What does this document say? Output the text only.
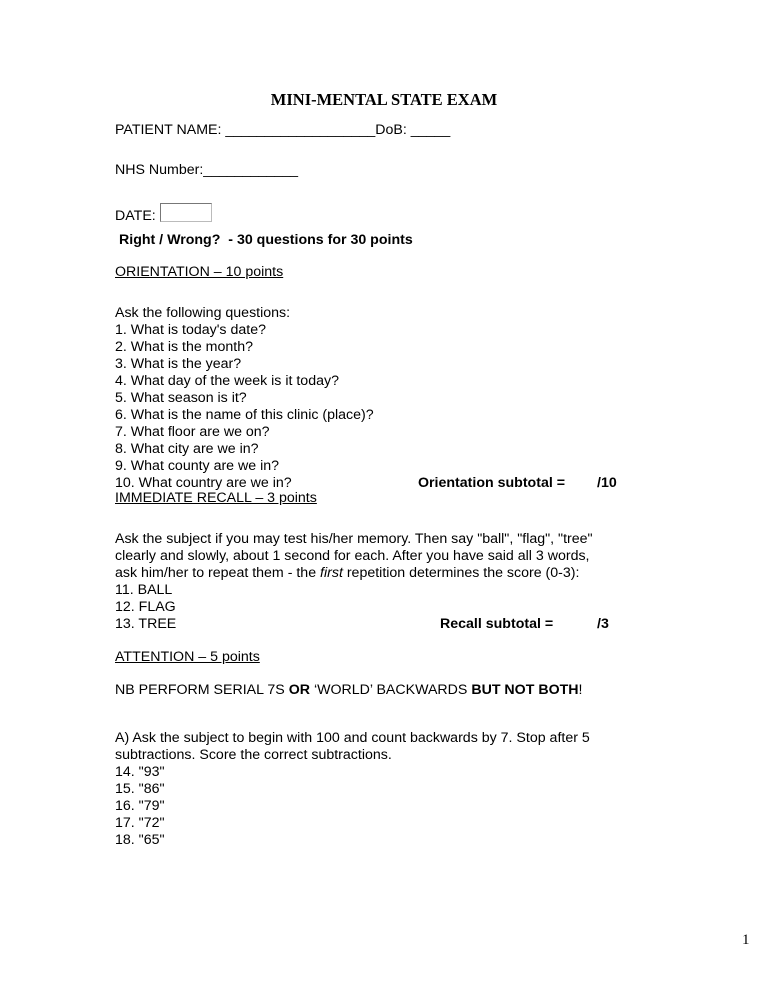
MINI-MENTAL STATE EXAM
PATIENT NAME: ___________________DoB: _____
NHS Number:____________
DATE:
Right / Wrong?  - 30 questions for 30 points
ORIENTATION – 10 points
Ask the following questions:
1. What is today's date?
2. What is the month?
3. What is the year?
4. What day of the week is it today?
5. What season is it?
6. What is the name of this clinic (place)?
7. What floor are we on?
8. What city are we in?
9. What county are we in?
10. What country are we in?	Orientation subtotal = /10
IMMEDIATE RECALL – 3 points
Ask the subject if you may test his/her memory. Then say "ball", "flag", "tree"
clearly and slowly, about 1 second for each. After you have said all 3 words,
ask him/her to repeat them - the first repetition determines the score (0-3):
11. BALL
12. FLAG
13. TREE	Recall subtotal =	/3
ATTENTION – 5 points
NB PERFORM SERIAL 7S OR ‘WORLD’ BACKWARDS BUT NOT BOTH!
A) Ask the subject to begin with 100 and count backwards by 7. Stop after 5
subtractions. Score the correct subtractions.
14. "93"
15. "86"
16. "79"
17. "72"
18. "65"
1
